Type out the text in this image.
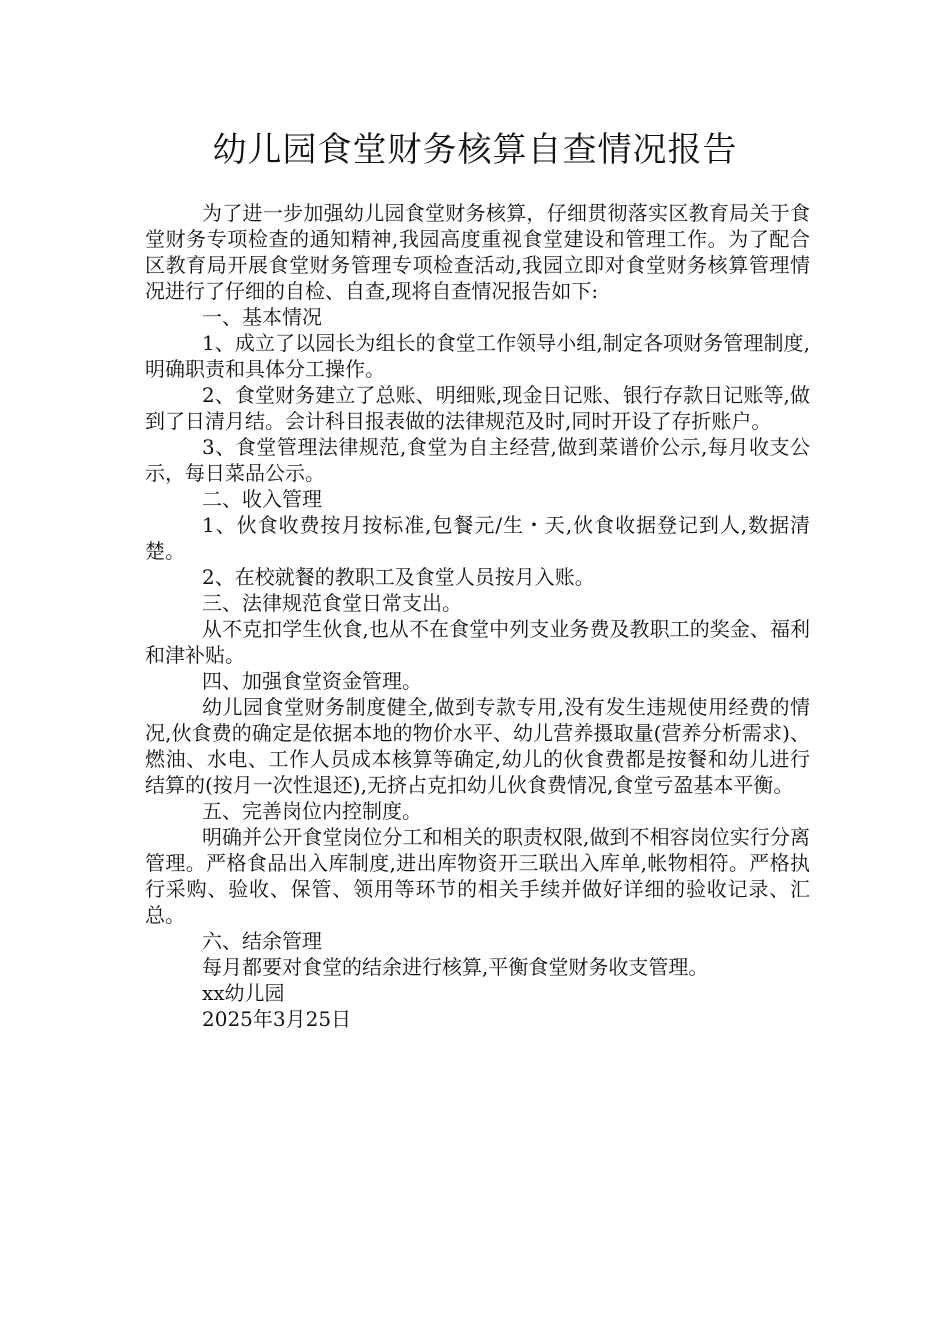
幼儿园食堂财务核算自查情况报告

为了进一步加强幼儿园食堂财务核算，仔细贯彻落实区教育局关于食堂财务专项检查的通知精神,我园高度重视食堂建设和管理工作。为了配合区教育局开展食堂财务管理专项检查活动,我园立即对食堂财务核算管理情况进行了仔细的自检、自查,现将自查情况报告如下:

一、基本情况

1、成立了以园长为组长的食堂工作领导小组,制定各项财务管理制度,明确职责和具体分工操作。

2、食堂财务建立了总账、明细账,现金日记账、银行存款日记账等,做到了日清月结。会计科目报表做的法律规范及时,同时开设了存折账户。

3、食堂管理法律规范,食堂为自主经营,做到菜谱价公示,每月收支公示，每日菜品公示。

二、收入管理

1、伙食收费按月按标准,包餐元/生・天,伙食收据登记到人,数据清楚。

2、在校就餐的教职工及食堂人员按月入账。

三、法律规范食堂日常支出。

从不克扣学生伙食,也从不在食堂中列支业务费及教职工的奖金、福利和津补贴。

四、加强食堂资金管理。

幼儿园食堂财务制度健全,做到专款专用,没有发生违规使用经费的情况,伙食费的确定是依据本地的物价水平、幼儿营养摄取量(营养分析需求)、燃油、水电、工作人员成本核算等确定,幼儿的伙食费都是按餐和幼儿进行结算的(按月一次性退还),无挤占克扣幼儿伙食费情况,食堂亏盈基本平衡。

五、完善岗位内控制度。

明确并公开食堂岗位分工和相关的职责权限,做到不相容岗位实行分离管理。严格食品出入库制度,进出库物资开三联出入库单,帐物相符。严格执行采购、验收、保管、领用等环节的相关手续并做好详细的验收记录、汇总。

六、结余管理

每月都要对食堂的结余进行核算,平衡食堂财务收支管理。

xx幼儿园

2025年3月25日
